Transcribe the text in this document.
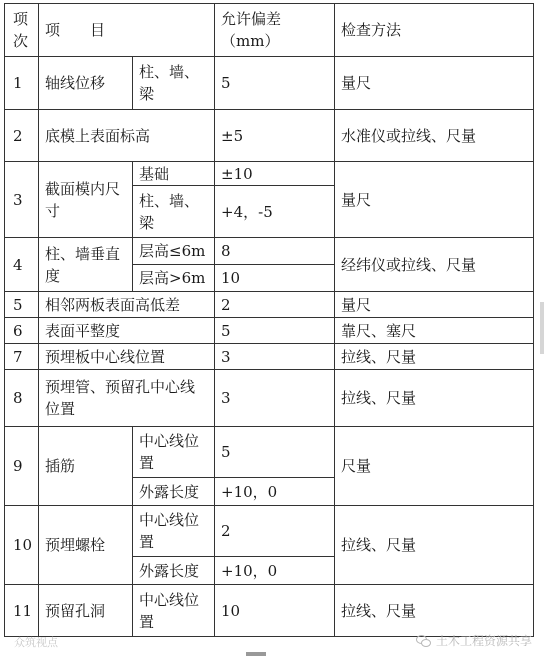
项次	项　　目		允许偏差（mm）	检查方法
1	轴线位移	柱、墙、梁	5	量尺
2	底模上表面标高		±5	水准仪或拉线、尺量
3	截面模内尺寸	基础	±10	量尺
		柱、墙、梁	+4，-5	
4	柱、墙垂直度	层高≤6m	8	经纬仪或拉线、尺量
		层高>6m	10	
5	相邻两板表面高低差		2	量尺
6	表面平整度		5	靠尺、塞尺
7	预埋板中心线位置		3	拉线、尺量
8	预埋管、预留孔中心线位置		3	拉线、尺量
9	插筋	中心线位置	5	尺量
		外露长度	+10，0	
10	预埋螺栓	中心线位置	2	拉线、尺量
		外露长度	+10，0	
11	预留孔洞	中心线位置	10	拉线、尺量
众筑视点	土木工程资源共享
